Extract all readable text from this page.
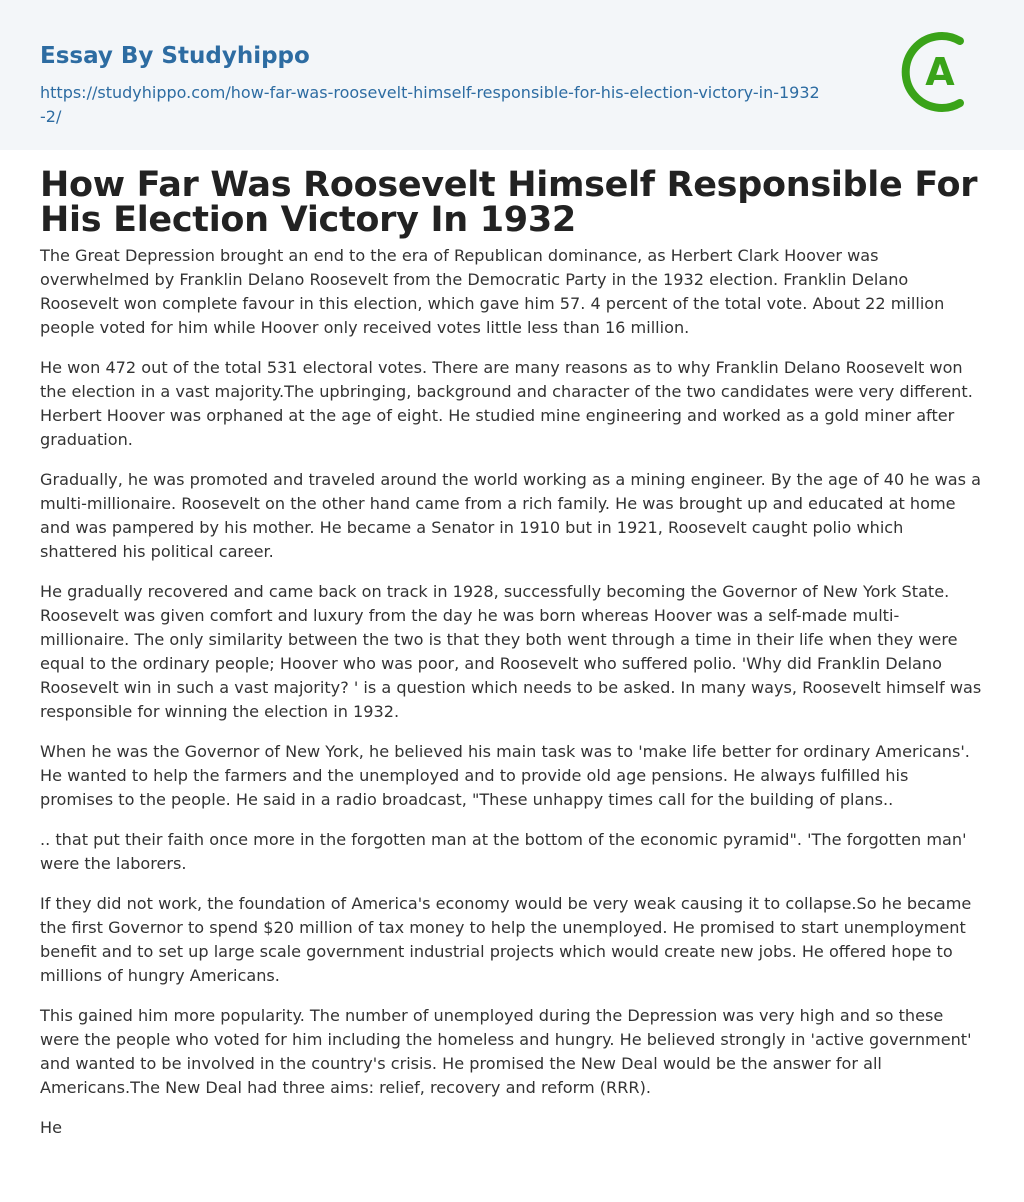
Essay By Studyhippo
https://studyhippo.com/how-far-was-roosevelt-himself-responsible-for-his-election-victory-in-1932-2/
A
How Far Was Roosevelt Himself Responsible For His Election Victory In 1932

The Great Depression brought an end to the era of Republican dominance, as Herbert Clark Hoover was overwhelmed by Franklin Delano Roosevelt from the Democratic Party in the 1932 election. Franklin Delano Roosevelt won complete favour in this election, which gave him 57. 4 percent of the total vote. About 22 million people voted for him while Hoover only received votes little less than 16 million.

He won 472 out of the total 531 electoral votes. There are many reasons as to why Franklin Delano Roosevelt won the election in a vast majority.The upbringing, background and character of the two candidates were very different. Herbert Hoover was orphaned at the age of eight. He studied mine engineering and worked as a gold miner after graduation.

Gradually, he was promoted and traveled around the world working as a mining engineer. By the age of 40 he was a multi-millionaire. Roosevelt on the other hand came from a rich family. He was brought up and educated at home and was pampered by his mother. He became a Senator in 1910 but in 1921, Roosevelt caught polio which shattered his political career.

He gradually recovered and came back on track in 1928, successfully becoming the Governor of New York State. Roosevelt was given comfort and luxury from the day he was born whereas Hoover was a self-made multi-millionaire. The only similarity between the two is that they both went through a time in their life when they were equal to the ordinary people; Hoover who was poor, and Roosevelt who suffered polio. 'Why did Franklin Delano Roosevelt win in such a vast majority? ' is a question which needs to be asked. In many ways, Roosevelt himself was responsible for winning the election in 1932.

When he was the Governor of New York, he believed his main task was to 'make life better for ordinary Americans'. He wanted to help the farmers and the unemployed and to provide old age pensions. He always fulfilled his promises to the people. He said in a radio broadcast, "These unhappy times call for the building of plans..

.. that put their faith once more in the forgotten man at the bottom of the economic pyramid". 'The forgotten man' were the laborers.

If they did not work, the foundation of America's economy would be very weak causing it to collapse.So he became the first Governor to spend $20 million of tax money to help the unemployed. He promised to start unemployment benefit and to set up large scale government industrial projects which would create new jobs. He offered hope to millions of hungry Americans.

This gained him more popularity. The number of unemployed during the Depression was very high and so these were the people who voted for him including the homeless and hungry. He believed strongly in 'active government' and wanted to be involved in the country's crisis. He promised the New Deal would be the answer for all Americans.The New Deal had three aims: relief, recovery and reform (RRR).

He
